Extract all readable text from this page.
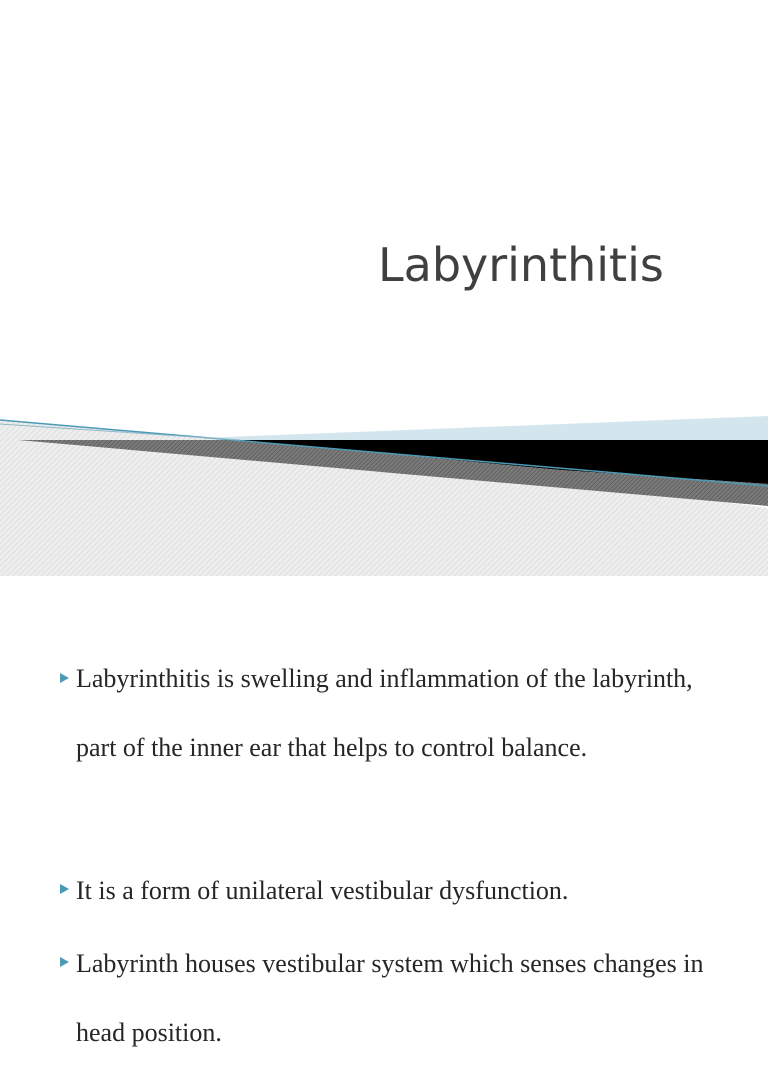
Labyrinthitis
Labyrinthitis is swelling and inflammation of the labyrinth, part of the inner ear that helps to control balance.
It is a form of unilateral vestibular dysfunction.
Labyrinth houses vestibular system which senses changes in head position.
